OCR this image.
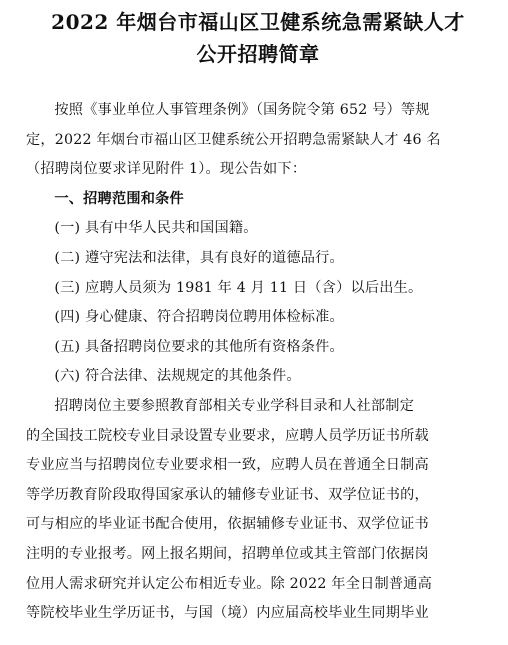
2022 年烟台市福山区卫健系统急需紧缺人才
公开招聘简章

按照《事业单位人事管理条例》（国务院令第 652 号）等规
定，2022 年烟台市福山区卫健系统公开招聘急需紧缺人才 46 名
（招聘岗位要求详见附件 1）。现公告如下：

一、招聘范围和条件

(一) 具有中华人民共和国国籍。

(二) 遵守宪法和法律，具有良好的道德品行。

(三) 应聘人员须为 1981 年 4 月 11 日（含）以后出生。

(四) 身心健康、符合招聘岗位聘用体检标准。

(五) 具备招聘岗位要求的其他所有资格条件。

(六) 符合法律、法规规定的其他条件。

招聘岗位主要参照教育部相关专业学科目录和人社部制定
的全国技工院校专业目录设置专业要求，应聘人员学历证书所载
专业应当与招聘岗位专业要求相一致，应聘人员在普通全日制高
等学历教育阶段取得国家承认的辅修专业证书、双学位证书的，
可与相应的毕业证书配合使用，依据辅修专业证书、双学位证书
注明的专业报考。网上报名期间，招聘单位或其主管部门依据岗
位用人需求研究并认定公布相近专业。除 2022 年全日制普通高
等院校毕业生学历证书，与国（境）内应届高校毕业生同期毕业
